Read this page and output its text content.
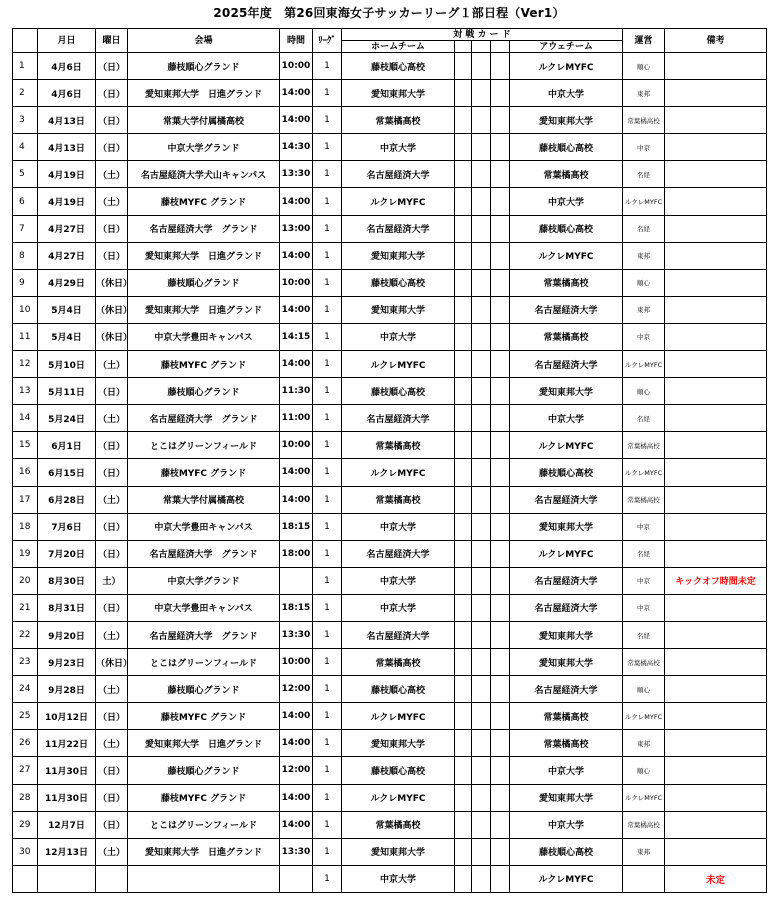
2025年度　第26回東海女子サッカーリーグ１部日程（Ver1）
	月日	曜日	会場	時間	ﾘｰｸﾞ	対 戦 カ ー ド					運営	備考
						ホームチーム				アウェチーム		
1	4月6日	（日）	藤枝順心グランド	10:00	1	藤枝順心高校				ルクレMYFC	順心	
2	4月6日	（日）	愛知東邦大学　日進グランド	14:00	1	愛知東邦大学				中京大学	東邦	
3	4月13日	（日）	常葉大学付属橘高校	14:00	1	常葉橘高校				愛知東邦大学	常葉橘高校	
4	4月13日	（日）	中京大学グランド	14:30	1	中京大学				藤枝順心高校	中京	
5	4月19日	（土）	名古屋経済大学犬山キャンパス	13:30	1	名古屋経済大学				常葉橘高校	名経	
6	4月19日	（土）	藤枝MYFC グランド	14:00	1	ルクレMYFC				中京大学	ルクレMYFC	
7	4月27日	（日）	名古屋経済大学　グランド	13:00	1	名古屋経済大学				藤枝順心高校	名経	
8	4月27日	（日）	愛知東邦大学　日進グランド	14:00	1	愛知東邦大学				ルクレMYFC	東邦	
9	4月29日	（休日）	藤枝順心グランド	10:00	1	藤枝順心高校				常葉橘高校	順心	
10	5月4日	（休日）	愛知東邦大学　日進グランド	14:00	1	愛知東邦大学				名古屋経済大学	東邦	
11	5月4日	（休日）	中京大学豊田キャンパス	14:15	1	中京大学				常葉橘高校	中京	
12	5月10日	（土）	藤枝MYFC グランド	14:00	1	ルクレMYFC				名古屋経済大学	ルクレMYFC	
13	5月11日	（日）	藤枝順心グランド	11:30	1	藤枝順心高校				愛知東邦大学	順心	
14	5月24日	（土）	名古屋経済大学　グランド	11:00	1	名古屋経済大学				中京大学	名経	
15	6月1日	（日）	とこはグリーンフィールド	10:00	1	常葉橘高校				ルクレMYFC	常葉橘高校	
16	6月15日	（日）	藤枝MYFC グランド	14:00	1	ルクレMYFC				藤枝順心高校	ルクレMYFC	
17	6月28日	（土）	常葉大学付属橘高校	14:00	1	常葉橘高校				名古屋経済大学	常葉橘高校	
18	7月6日	（日）	中京大学豊田キャンパス	18:15	1	中京大学				愛知東邦大学	中京	
19	7月20日	（日）	名古屋経済大学　グランド	18:00	1	名古屋経済大学				ルクレMYFC	名経	
20	8月30日	土）	中京大学グランド		1	中京大学				名古屋経済大学	中京	キックオフ時間未定
21	8月31日	（日）	中京大学豊田キャンパス	18:15	1	中京大学				名古屋経済大学	中京	
22	9月20日	（土）	名古屋経済大学　グランド	13:30	1	名古屋経済大学				愛知東邦大学	名経	
23	9月23日	（休日）	とこはグリーンフィールド	10:00	1	常葉橘高校				愛知東邦大学	常葉橘高校	
24	9月28日	（土）	藤枝順心グランド	12:00	1	藤枝順心高校				名古屋経済大学	順心	
25	10月12日	（日）	藤枝MYFC グランド	14:00	1	ルクレMYFC				常葉橘高校	ルクレMYFC	
26	11月22日	（土）	愛知東邦大学　日進グランド	14:00	1	愛知東邦大学				常葉橘高校	東邦	
27	11月30日	（日）	藤枝順心グランド	12:00	1	藤枝順心高校				中京大学	順心	
28	11月30日	（日）	藤枝MYFC グランド	14:00	1	ルクレMYFC				愛知東邦大学	ルクレMYFC	
29	12月7日	（日）	とこはグリーンフィールド	14:00	1	常葉橘高校				中京大学	常葉橘高校	
30	12月13日	（土）	愛知東邦大学　日進グランド	13:30	1	愛知東邦大学				藤枝順心高校	東邦	
					1	中京大学				ルクレMYFC		未定
